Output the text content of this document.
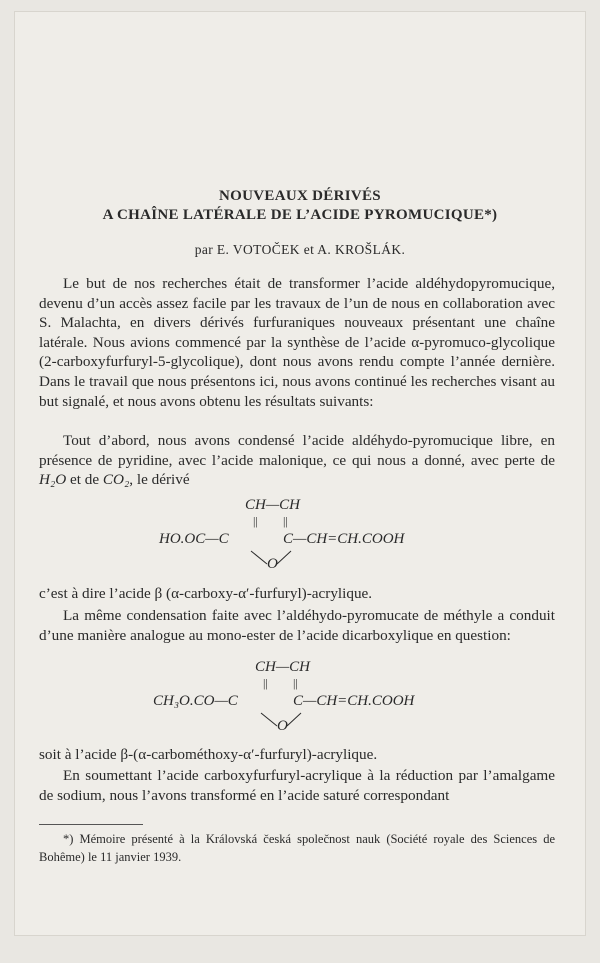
NOUVEAUX DÉRIVÉS
A CHAÎNE LATÉRALE DE L’ACIDE PYROMUCIQUE*)
par E. VOTOČEK et A. KROŠLÁK.

Le but de nos recherches était de transformer l’acide aldéhydopyromucique, devenu d’un accès assez facile par les travaux de l’un de nous en collaboration avec S. Malachta, en divers dérivés furfuraniques nouveaux présentant une chaîne latérale. Nous avions commencé par la synthèse de l’acide α-pyromuco-glycolique (2-carboxyfurfuryl-5-glycolique), dont nous avons rendu compte l’année dernière. Dans le travail que nous présentons ici, nous avons continué les recherches visant au but signalé, et nous avons obtenu les résultats suivants:

Tout d’abord, nous avons condensé l’acide aldéhydo-pyromucique libre, en présence de pyridine, avec l’acide malonique, ce qui nous a donné, avec perte de H₂O et de CO₂, le dérivé

CH—CH
|| ||
HO.OC—C	C—CH=CH.COOH
O

c’est à dire l’acide β (α-carboxy-α′-furfuryl)-acrylique.

La même condensation faite avec l’aldéhydo-pyromucate de méthyle a conduit d’une manière analogue au mono-ester de l’acide dicarboxylique en question:

CH—CH
|| ||
CH₃O.CO—C	C—CH=CH.COOH
O

soit à l’acide β-(α-carbométhoxy-α′-furfuryl)-acrylique.

En soumettant l’acide carboxyfurfuryl-acrylique à la réduction par l’amalgame de sodium, nous l’avons transformé en l’acide saturé correspondant

*) Mémoire présenté à la Královská česká společnost nauk (Société royale des Sciences de Bohême) le 11 janvier 1939.
